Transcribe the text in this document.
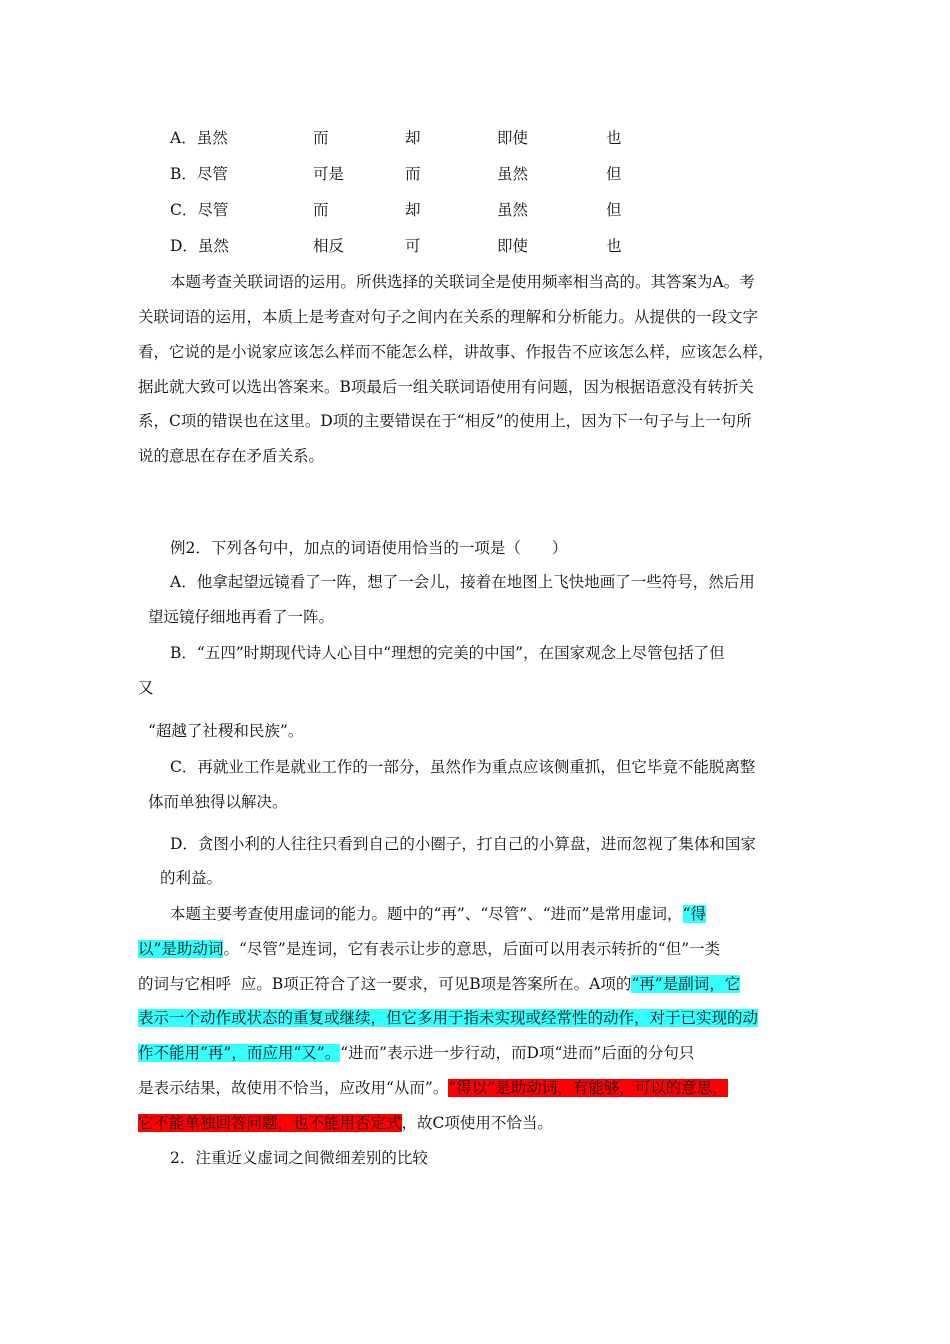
A．虽然	而	却	即使	也
B．尽管	可是	而	虽然	但
C．尽管	而	却	虽然	但
D．虽然	相反	可	即使	也
本题考查关联词语的运用。所供选择的关联词全是使用频率相当高的。其答案为A。考
关联词语的运用，本质上是考查对句子之间内在关系的理解和分析能力。从提供的一段文字
看，它说的是小说家应该怎么样而不能怎么样，讲故事、作报告不应该怎么样，应该怎么样，
据此就大致可以选出答案来。B项最后一组关联词语使用有问题，因为根据语意没有转折关
系，C项的错误也在这里。D项的主要错误在于“相反”的使用上，因为下一句子与上一句所
说的意思在存在矛盾关系。
例2．下列各句中，加点的词语使用恰当的一项是（　　）
A．他拿起望远镜看了一阵，想了一会儿，接着在地图上飞快地画了一些符号，然后用
望远镜仔细地再看了一阵。
B．“五四”时期现代诗人心目中“理想的完美的中国”，在国家观念上尽管包括了但
又
“超越了社稷和民族”。
C．再就业工作是就业工作的一部分，虽然作为重点应该侧重抓，但它毕竟不能脱离整
体而单独得以解决。
D．贪图小利的人往往只看到自己的小圈子，打自己的小算盘，进而忽视了集体和国家
的利益。
本题主要考查使用虚词的能力。题中的“再”、“尽管”、“进而”是常用虚词，“得
以”是助动词。“尽管”是连词，它有表示让步的意思，后面可以用表示转折的“但”一类
的词与它相呼  应。B项正符合了这一要求，可见B项是答案所在。A项的“再”是副词，它
表示一个动作或状态的重复或继续，但它多用于指未实现或经常性的动作，对于已实现的动
作不能用“再”，而应用“又”。“进而”表示进一步行动，而D项“进而”后面的分句只
是表示结果，故使用不恰当，应改用“从而”。“得以”是助动词，有能够，可以的意思，
它不能单独回答问题，也不能用否定式，故C项使用不恰当。
2．注重近义虚词之间微细差别的比较
